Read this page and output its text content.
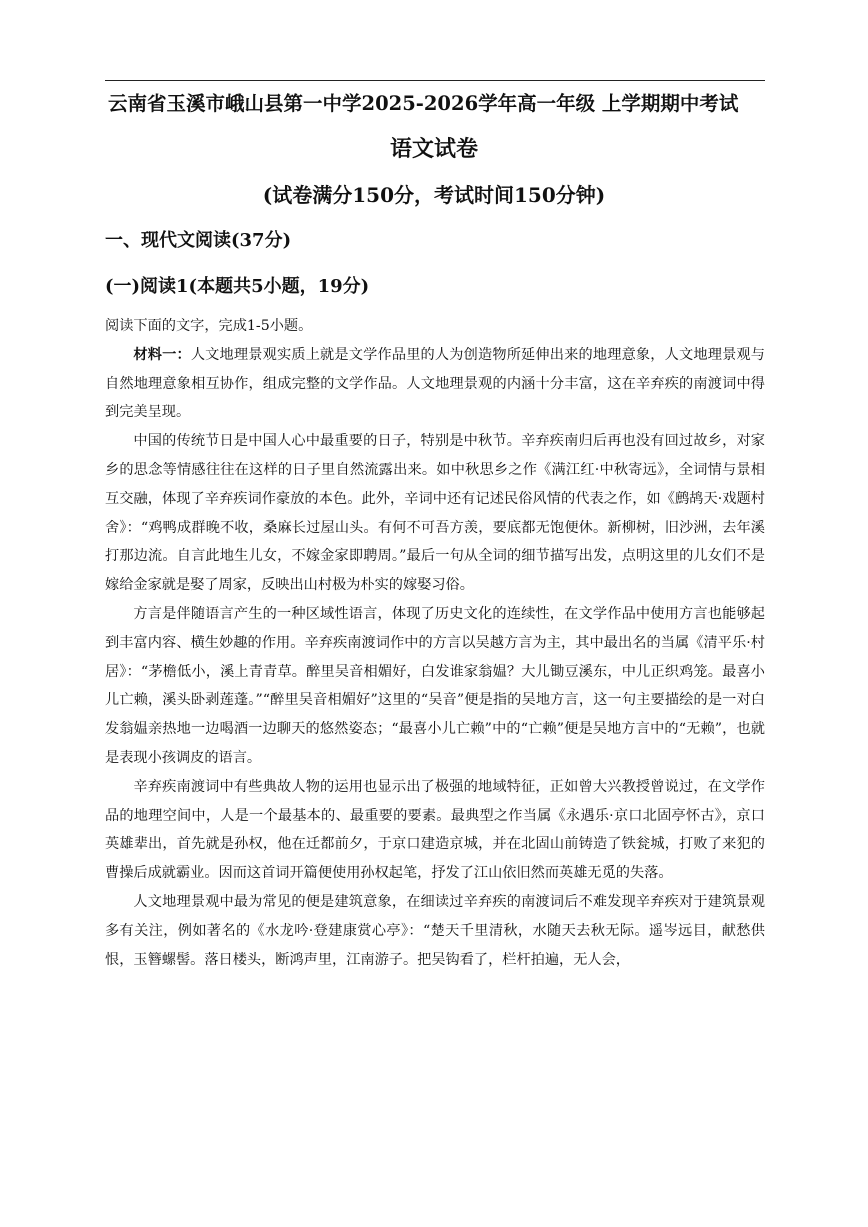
云南省玉溪市峨山县第一中学2025-2026学年高一年级 上学期期中考试
语文试卷
(试卷满分150分，考试时间150分钟)
一、现代文阅读(37分)
(一)阅读1(本题共5小题，19分)

阅读下面的文字，完成1-5小题。

材料一：人文地理景观实质上就是文学作品里的人为创造物所延伸出来的地理意象，人文地理景观与自然地理意象相互协作，组成完整的文学作品。人文地理景观的内涵十分丰富，这在辛弃疾的南渡词中得到完美呈现。

中国的传统节日是中国人心中最重要的日子，特别是中秋节。辛弃疾南归后再也没有回过故乡，对家乡的思念等情感往往在这样的日子里自然流露出来。如中秋思乡之作《满江红·中秋寄远》，全词情与景相互交融，体现了辛弃疾词作豪放的本色。此外，辛词中还有记述民俗风情的代表之作，如《鹧鸪天·戏题村舍》：“鸡鸭成群晚不收，桑麻长过屋山头。有何不可吾方羡，要底都无饱便休。新柳树，旧沙洲，去年溪打那边流。自言此地生儿女，不嫁金家即聘周。”最后一句从全词的细节描写出发，点明这里的儿女们不是嫁给金家就是娶了周家，反映出山村极为朴实的嫁娶习俗。

方言是伴随语言产生的一种区域性语言，体现了历史文化的连续性，在文学作品中使用方言也能够起到丰富内容、横生妙趣的作用。辛弃疾南渡词作中的方言以吴越方言为主，其中最出名的当属《清平乐·村居》：“茅檐低小，溪上青青草。醉里吴音相媚好，白发谁家翁媪？大儿锄豆溪东，中儿正织鸡笼。最喜小儿亡赖，溪头卧剥莲蓬。”“醉里吴音相媚好”这里的“吴音”便是指的吴地方言，这一句主要描绘的是一对白发翁媪亲热地一边喝酒一边聊天的悠然姿态；“最喜小儿亡赖”中的“亡赖”便是吴地方言中的“无赖”，也就是表现小孩调皮的语言。

辛弃疾南渡词中有些典故人物的运用也显示出了极强的地域特征，正如曾大兴教授曾说过，在文学作品的地理空间中，人是一个最基本的、最重要的要素。最典型之作当属《永遇乐·京口北固亭怀古》，京口英雄辈出，首先就是孙权，他在迁都前夕，于京口建造京城，并在北固山前铸造了铁瓮城，打败了来犯的曹操后成就霸业。因而这首词开篇便使用孙权起笔，抒发了江山依旧然而英雄无觅的失落。

人文地理景观中最为常见的便是建筑意象，在细读过辛弃疾的南渡词后不难发现辛弃疾对于建筑景观多有关注，例如著名的《水龙吟·登建康赏心亭》：“楚天千里清秋，水随天去秋无际。遥岑远目，献愁供恨，玉簪螺髻。落日楼头，断鸿声里，江南游子。把吴钩看了，栏杆拍遍，无人会，
